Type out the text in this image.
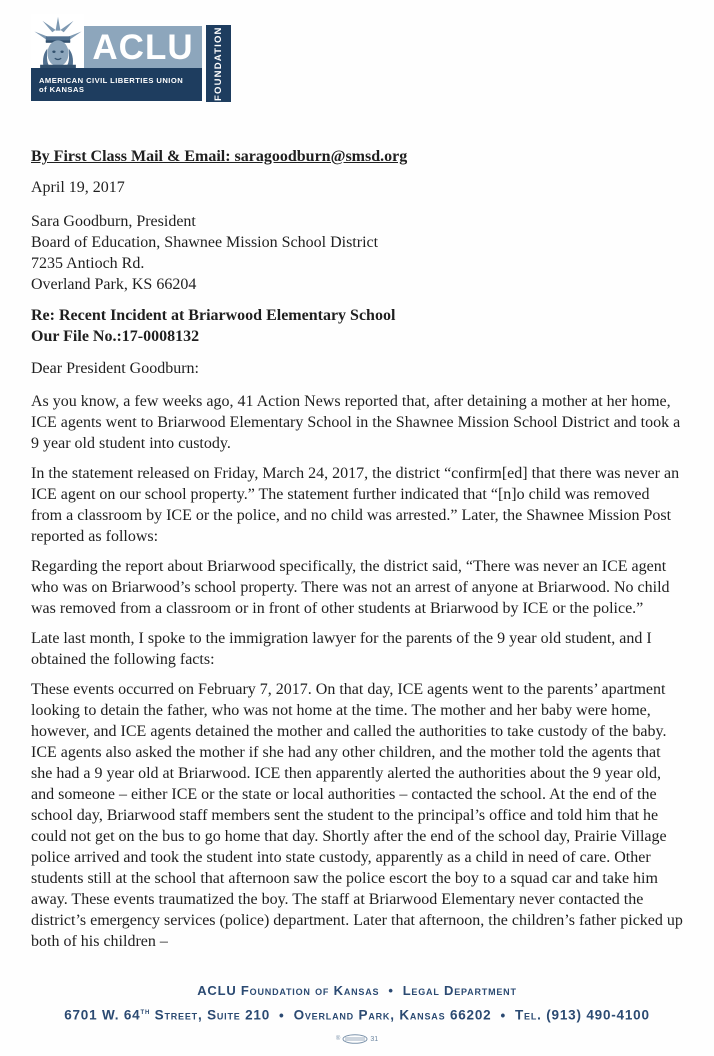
ACLU
AMERICAN CIVIL LIBERTIES UNION
of KANSAS	FOUNDATION
By First Class Mail & Email: saragoodburn@smsd.org
April 19, 2017
Sara Goodburn, President
Board of Education, Shawnee Mission School District
7235 Antioch Rd.
Overland Park, KS 66204
Re: Recent Incident at Briarwood Elementary School
Our File No.:17-0008132
Dear President Goodburn:

As you know, a few weeks ago, 41 Action News reported that, after detaining a mother at her home, ICE agents went to Briarwood Elementary School in the Shawnee Mission School District and took a 9 year old student into custody.

In the statement released on Friday, March 24, 2017, the district “confirm[ed] that there was never an ICE agent on our school property.” The statement further indicated that “[n]o child was removed from a classroom by ICE or the police, and no child was arrested.” Later, the Shawnee Mission Post reported as follows:

Regarding the report about Briarwood specifically, the district said, “There was never an ICE agent who was on Briarwood’s school property. There was not an arrest of anyone at Briarwood. No child was removed from a classroom or in front of other students at Briarwood by ICE or the police.”

Late last month, I spoke to the immigration lawyer for the parents of the 9 year old student, and I obtained the following facts:

These events occurred on February 7, 2017. On that day, ICE agents went to the parents’ apartment looking to detain the father, who was not home at the time. The mother and her baby were home, however, and ICE agents detained the mother and called the authorities to take custody of the baby. ICE agents also asked the mother if she had any other children, and the mother told the agents that she had a 9 year old at Briarwood. ICE then apparently alerted the authorities about the 9 year old, and someone – either ICE or the state or local authorities – contacted the school. At the end of the school day, Briarwood staff members sent the student to the principal’s office and told him that he could not get on the bus to go home that day. Shortly after the end of the school day, Prairie Village police arrived and took the student into state custody, apparently as a child in need of care. Other students still at the school that afternoon saw the police escort the boy to a squad car and take him away. These events traumatized the boy. The staff at Briarwood Elementary never contacted the district’s emergency services (police) department. Later that afternoon, the children’s father picked up both of his children –

ACLU Foundation of Kansas • Legal Department
6701 W. 64th Street, Suite 210 • Overland Park, Kansas 66202 • Tel. (913) 490-4100
®	31
